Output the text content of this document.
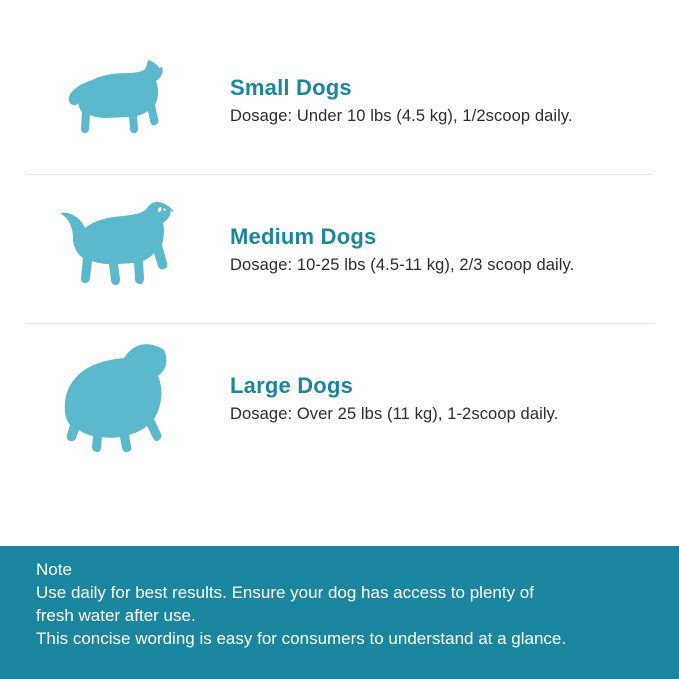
Small Dogs

Dosage: Under 10 lbs (4.5 kg), 1/2scoop daily.

Medium Dogs

Dosage: 10-25 lbs (4.5-11 kg), 2/3 scoop daily.

Large Dogs

Dosage: Over 25 lbs (11 kg), 1-2scoop daily.

Note

Use daily for best results. Ensure your dog has access to plenty of

fresh water after use.

This concise wording is easy for consumers to understand at a glance.
